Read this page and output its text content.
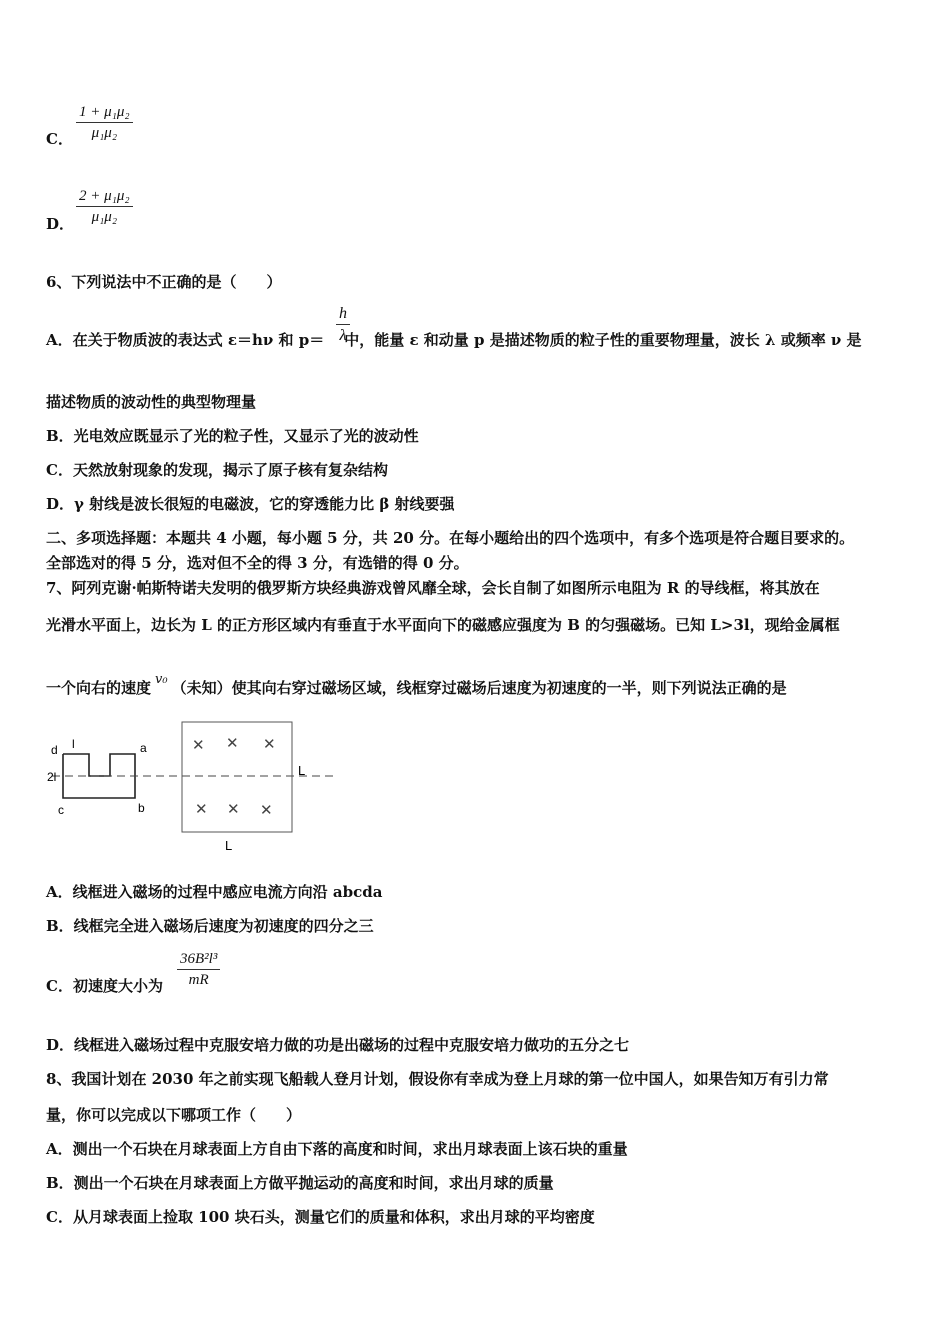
C． $\frac{\text{1 + μ₁μ₂}}{\text{μ₁μ₂}}$
D． $\frac{\text{2 + μ₁μ₂}}{\text{μ₁μ₂}}$
6、下列说法中不正确的是（　　）
A．在关于物质波的表达式 ε＝hν 和 p＝ 中，能量 ε 和动量 p 是描述物质的粒子性的重要物理量，波长 λ 或频率 ν 是
$\frac{h}{\lambda}$
描述物质的波动性的典型物理量
B．光电效应既显示了光的粒子性，又显示了光的波动性
C．天然放射现象的发现，揭示了原子核有复杂结构
D．γ 射线是波长很短的电磁波，它的穿透能力比 β 射线要强
二、多项选择题：本题共 4 小题，每小题 5 分，共 20 分。在每小题给出的四个选项中，有多个选项是符合题目要求的。
全部选对的得 5 分，选对但不全的得 3 分，有选错的得 0 分。
7、阿列克谢·帕斯特诺夫发明的俄罗斯方块经典游戏曾风靡全球，会长自制了如图所示电阻为 R 的导线框，将其放在
光滑水平面上，边长为 L 的正方形区域内有垂直于水平面向下的磁感应强度为 B 的匀强磁场。已知 L>3l，现给金属框
一个向右的速度 v₀ （未知）使其向右穿过磁场区域，线框穿过磁场后速度为初速度的一半，则下列说法正确的是
d l	a
2l
c	b
L
L
✕ ✕ ✕
✕ ✕ ✕
A．线框进入磁场的过程中感应电流方向沿 abcda
B．线框完全进入磁场后速度为初速度的四分之三
C．初速度大小为 $\frac{\text{36B²l³}}{mR}$
D．线框进入磁场过程中克服安培力做的功是出磁场的过程中克服安培力做功的五分之七
8、我国计划在 2030 年之前实现飞船载人登月计划，假设你有幸成为登上月球的第一位中国人，如果告知万有引力常
量，你可以完成以下哪项工作（　　）
A．测出一个石块在月球表面上方自由下落的高度和时间，求出月球表面上该石块的重量
B．测出一个石块在月球表面上方做平抛运动的高度和时间，求出月球的质量
C．从月球表面上捡取 100 块石头，测量它们的质量和体积，求出月球的平均密度
